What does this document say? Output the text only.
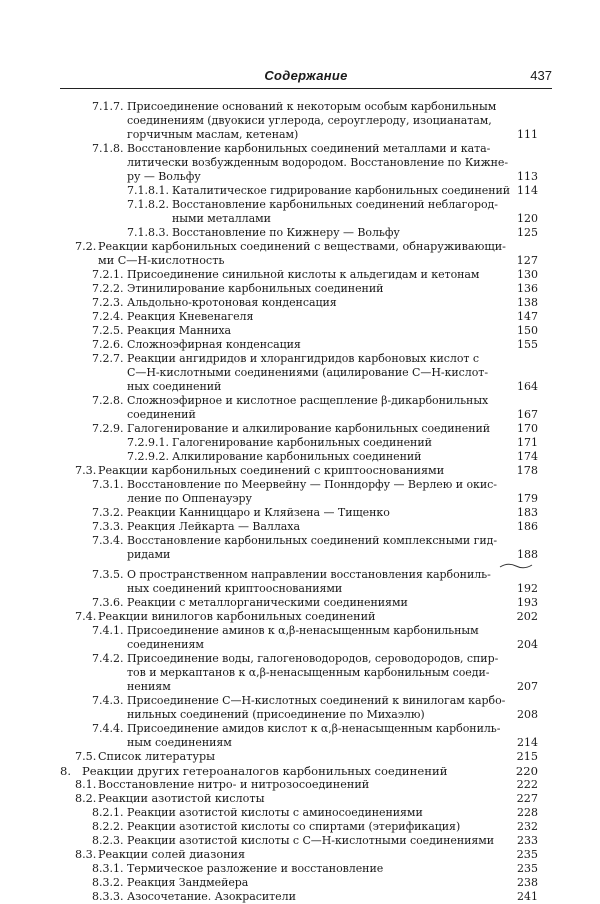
Содержание	437
7.1.7. Присоединение оснований к некоторым особым карбонильным
соединениям (двуокиси углерода, сероуглероду, изоцианатам,
горчичным маслам, кетенам)	111
7.1.8. Восстановление карбонильных соединений металлами и ката-
литически возбужденным водородом. Восстановление по Кижне-
ру — Вольфу	113
7.1.8.1. Каталитическое гидрирование карбонильных соединений 114
7.1.8.2. Восстановление карбонильных соединений неблагород-
ными металлами	120
7.1.8.3. Восстановление по Кижнеру — Вольфу	125
7.2. Реакции карбонильных соединений с веществами, обнаруживающи-
ми С—Н-кислотность	127
7.2.1. Присоединение синильной кислоты к альдегидам и кетонам	130
7.2.2. Этинилирование карбонильных соединений	136
7.2.3. Альдольно-кротоновая конденсация	138
7.2.4. Реакция Кневенагеля	147
7.2.5. Реакция Манниха	150
7.2.6. Сложноэфирная конденсация	155
7.2.7. Реакции ангидридов и хлорангидридов карбоновых кислот с
С—Н-кислотными соединениями (ацилирование С—Н-кислот-
ных соединений	164
7.2.8. Сложноэфирное и кислотное расщепление β-дикарбонильных
соединений	167
7.2.9. Галогенирование и алкилирование карбонильных соединений	170
7.2.9.1. Галогенирование карбонильных соединений	171
7.2.9.2. Алкилирование карбонильных соединений	174
7.3. Реакции карбонильных соединений с криптооснованиями	178
7.3.1. Восстановление по Меервейну — Понндорфу — Верлею и окис-
ление по Оппенауэру	179
7.3.2. Реакции Канниццаро и Кляйзена — Тищенко	183
7.3.3. Реакция Лейкарта — Валлаха	186
7.3.4. Восстановление карбонильных соединений комплексными гид-
ридами	188
7.3.5. О пространственном направлении восстановления карбониль-
ных соединений криптооснованиями	192
7.3.6. Реакции с металлорганическими соединениями	193
7.4. Реакции винилогов карбонильных соединений	202
7.4.1. Присоединение аминов к α,β-ненасыщенным карбонильным
соединениям	204
7.4.2. Присоединение воды, галогеноводородов, сероводородов, спир-
тов и меркаптанов к α,β-ненасыщенным карбонильным соеди-
нениям	207
7.4.3. Присоединение С—Н-кислотных соединений к винилогам карбо-
нильных соединений (присоединение по Михаэлю)	208
7.4.4. Присоединение амидов кислот к α,β-ненасыщенным карбониль-
ным соединениям	214
7.5. Список литературы	215
8. Реакции других гетероаналогов карбонильных соединений	220
8.1. Восстановление нитро- и нитрозосоединений	222
8.2. Реакции азотистой кислоты	227
8.2.1. Реакции азотистой кислоты с аминосоединениями	228
8.2.2. Реакции азотистой кислоты со спиртами (этерификация)	232
8.2.3. Реакции азотистой кислоты с С—Н-кислотными соединениями	233
8.3. Реакции солей диазония	235
8.3.1. Термическое разложение и восстановление	235
8.3.2. Реакция Зандмейера	238
8.3.3. Азосочетание. Азокрасители	241
